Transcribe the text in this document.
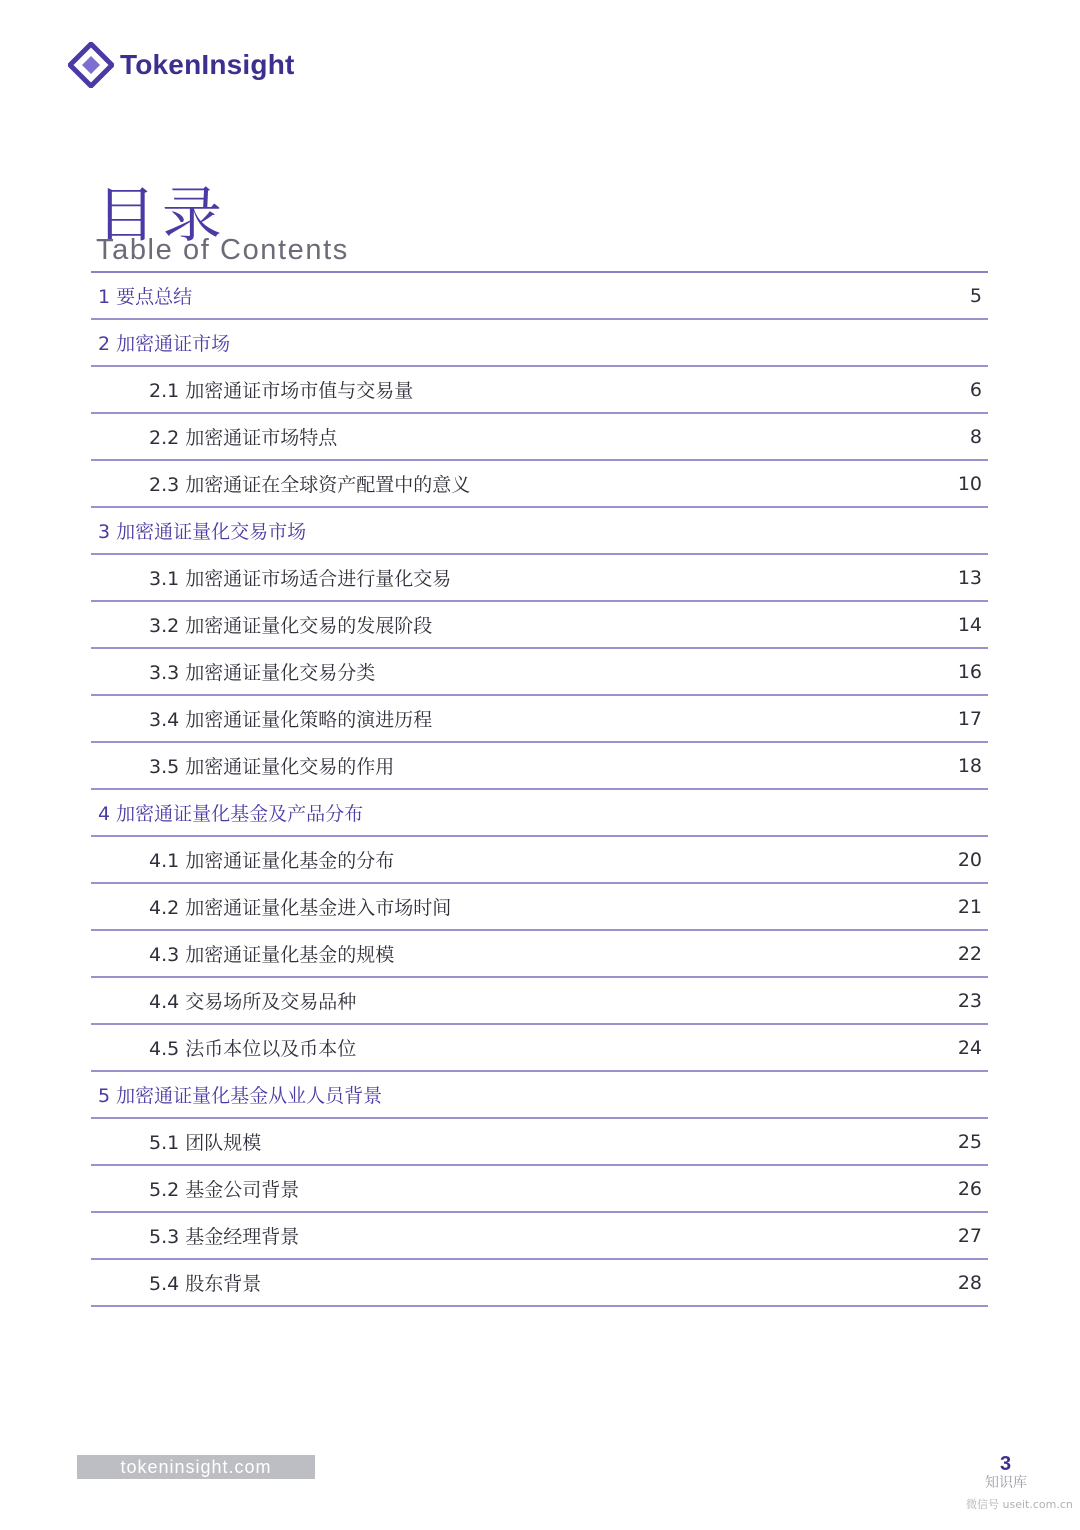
TokenInsight
目录
Table of Contents
1 要点总结	5
2 加密通证市场
2.1 加密通证市场市值与交易量	6
2.2 加密通证市场特点	8
2.3 加密通证在全球资产配置中的意义	10
3 加密通证量化交易市场
3.1 加密通证市场适合进行量化交易	13
3.2 加密通证量化交易的发展阶段	14
3.3 加密通证量化交易分类	16
3.4 加密通证量化策略的演进历程	17
3.5 加密通证量化交易的作用	18
4 加密通证量化基金及产品分布
4.1 加密通证量化基金的分布	20
4.2 加密通证量化基金进入市场时间	21
4.3 加密通证量化基金的规模	22
4.4 交易场所及交易品种	23
4.5 法币本位以及币本位	24
5 加密通证量化基金从业人员背景
5.1 团队规模	25
5.2 基金公司背景	26
5.3 基金经理背景	27
5.4 股东背景	28
tokeninsight.com	3
知识库
微信号 useit.com.cn
